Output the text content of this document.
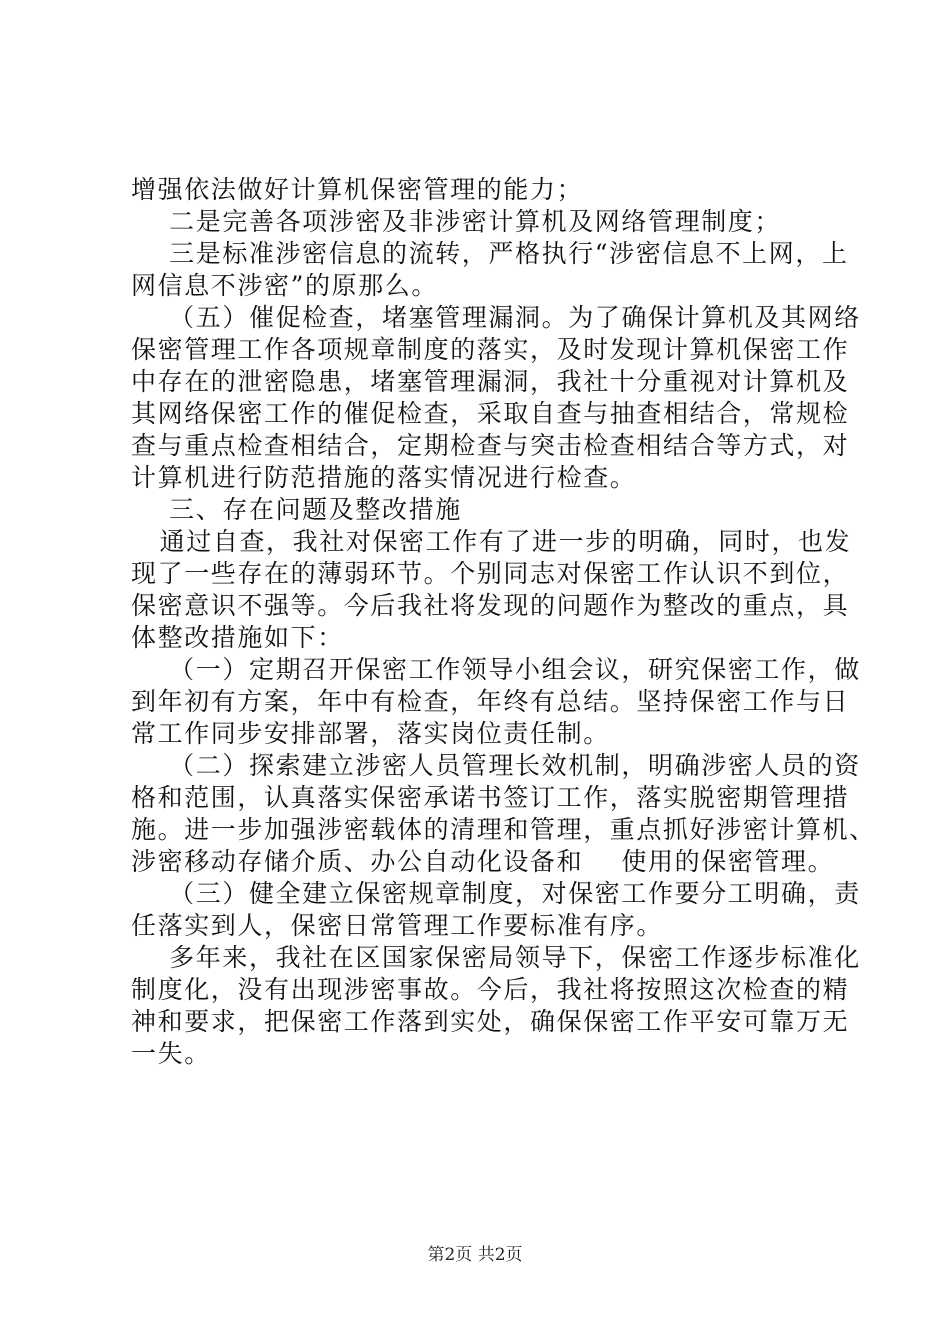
增强依法做好计算机保密管理的能力；
二是完善各项涉密及非涉密计算机及网络管理制度；
三是标准涉密信息的流转，严格执行“涉密信息不上网，上
网信息不涉密”的原那么。
（五）催促检查，堵塞管理漏洞。为了确保计算机及其网络
保密管理工作各项规章制度的落实，及时发现计算机保密工作
中存在的泄密隐患，堵塞管理漏洞，我社十分重视对计算机及
其网络保密工作的催促检查，采取自查与抽查相结合，常规检
查与重点检查相结合，定期检查与突击检查相结合等方式，对
计算机进行防范措施的落实情况进行检查。
三、存在问题及整改措施
通过自查，我社对保密工作有了进一步的明确，同时，也发
现了一些存在的薄弱环节。个别同志对保密工作认识不到位，
保密意识不强等。今后我社将发现的问题作为整改的重点，具
体整改措施如下：
（一）定期召开保密工作领导小组会议，研究保密工作，做
到年初有方案，年中有检查，年终有总结。坚持保密工作与日
常工作同步安排部署，落实岗位责任制。
（二）探索建立涉密人员管理长效机制，明确涉密人员的资
格和范围，认真落实保密承诺书签订工作，落实脱密期管理措
施。进一步加强涉密载体的清理和管理，重点抓好涉密计算机、
涉密移动存储介质、办公自动化设备和    使用的保密管理。
（三）健全建立保密规章制度，对保密工作要分工明确，责
任落实到人，保密日常管理工作要标准有序。
多年来，我社在区国家保密局领导下，保密工作逐步标准化
制度化，没有出现涉密事故。今后，我社将按照这次检查的精
神和要求，把保密工作落到实处，确保保密工作平安可靠万无
一失。
第2页 共2页
